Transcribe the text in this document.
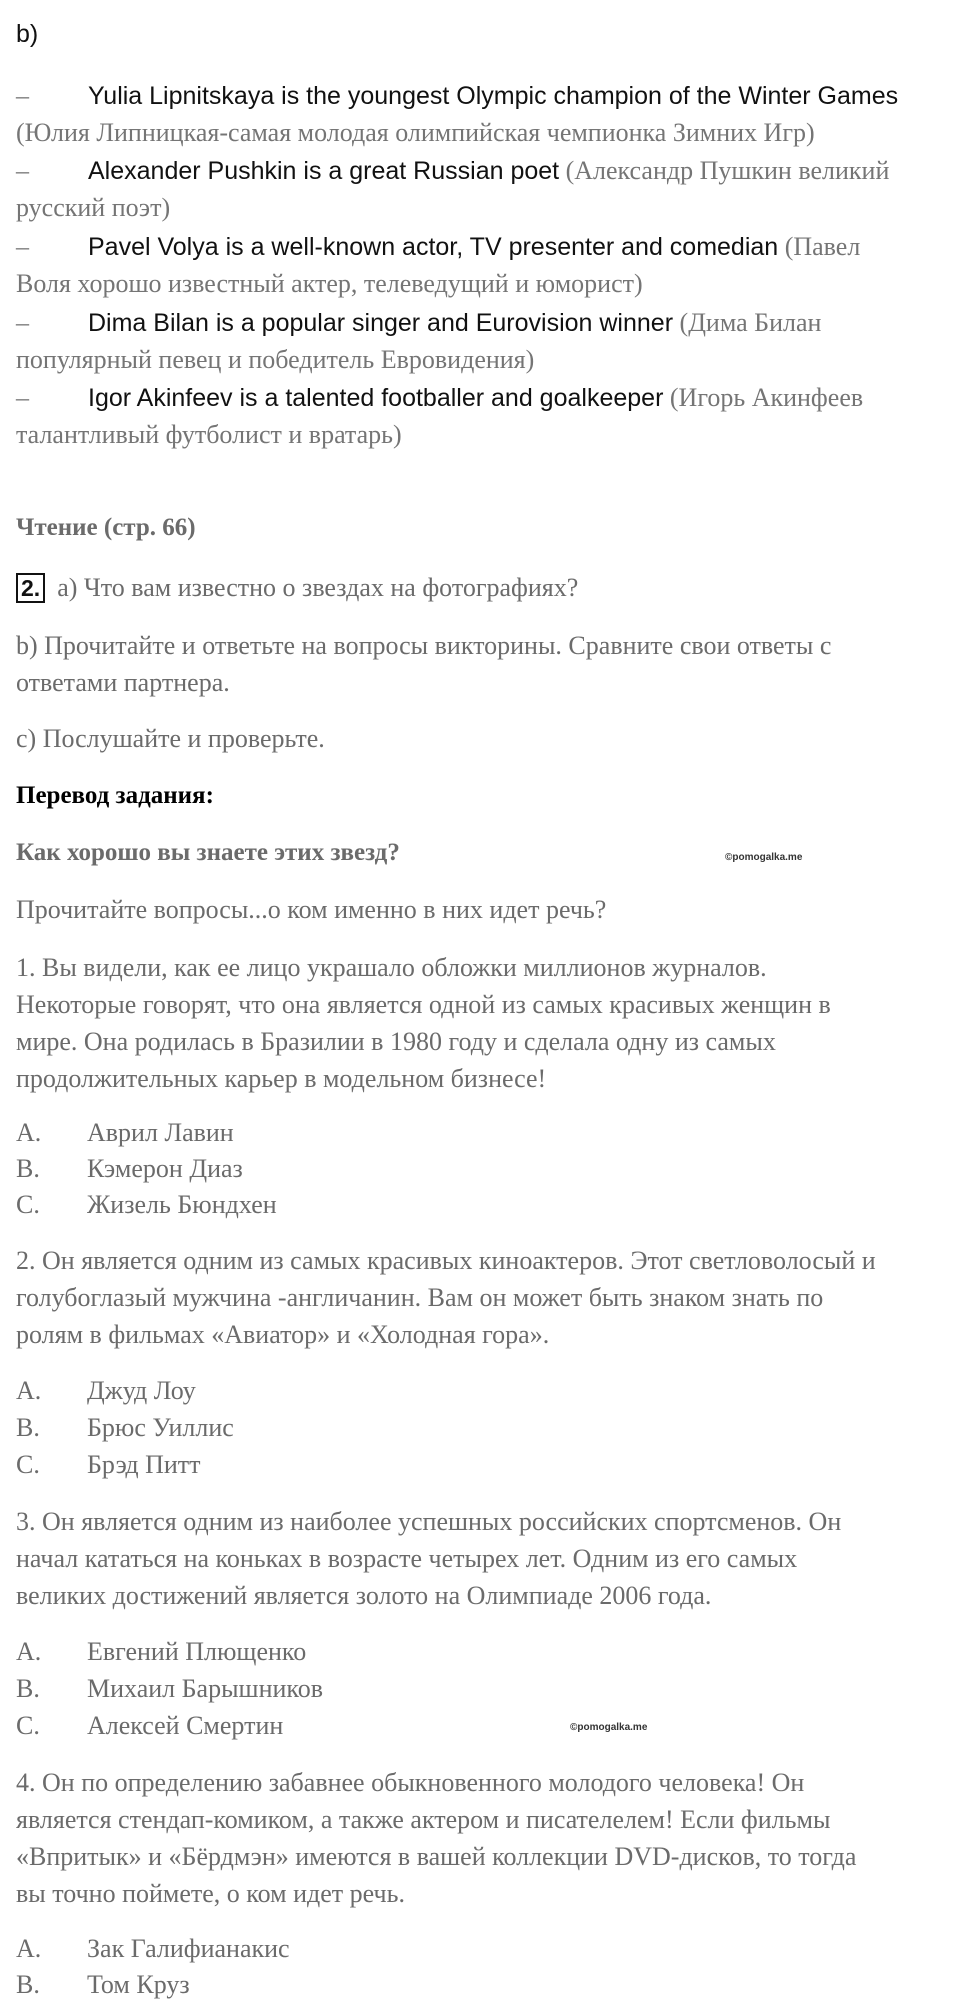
b)
– Yulia Lipnitskaya is the youngest Olympic champion of the Winter Games
(Юлия Липницкая-самая молодая олимпийская чемпионка Зимних Игр)
– Alexander Pushkin is a great Russian poet (Александр Пушкин великий
русский поэт)
– Pavel Volya is a well-known actor, TV presenter and comedian (Павел
Воля хорошо известный актер, телеведущий и юморист)
– Dima Bilan is a popular singer and Eurovision winner (Дима Билан
популярный певец и победитель Евровидения)
– Igor Akinfeev is a talented footballer and goalkeeper (Игорь Акинфеев
талантливый футболист и вратарь)
Чтение (стр. 66)
2. a) Что вам известно о звездах на фотографиях?
b) Прочитайте и ответьте на вопросы викторины. Сравните свои ответы с
ответами партнера.
c) Послушайте и проверьте.
Перевод задания:
Как хорошо вы знаете этих звезд?	©pomogalka.me
Прочитайте вопросы...о ком именно в них идет речь?
1. Вы видели, как ее лицо украшало обложки миллионов журналов.
Некоторые говорят, что она является одной из самых красивых женщин в
мире. Она родилась в Бразилии в 1980 году и сделала одну из самых
продолжительных карьер в модельном бизнесе!
A. Аврил Лавин
B. Кэмерон Диаз
C. Жизель Бюндхен
2. Он является одним из самых красивых киноактеров. Этот светловолосый и
голубоглазый мужчина -англичанин. Вам он может быть знаком знать по
ролям в фильмах «Авиатор» и «Холодная гора».
A. Джуд Лоу
B. Брюс Уиллис
C. Брэд Питт
3. Он является одним из наиболее успешных российских спортсменов. Он
начал кататься на коньках в возрасте четырех лет. Одним из его самых
великих достижений является золото на Олимпиаде 2006 года.
A. Евгений Плющенко
B. Михаил Барышников
C. Алексей Смертин	©pomogalka.me
4. Он по определению забавнее обыкновенного молодого человека! Он
является стендап-комиком, а также актером и писателелем! Если фильмы
«Впритык» и «Бёрдмэн» имеются в вашей коллекции DVD-дисков, то тогда
вы точно поймете, о ком идет речь.
A. Зак Галифианакис
B. Том Круз
